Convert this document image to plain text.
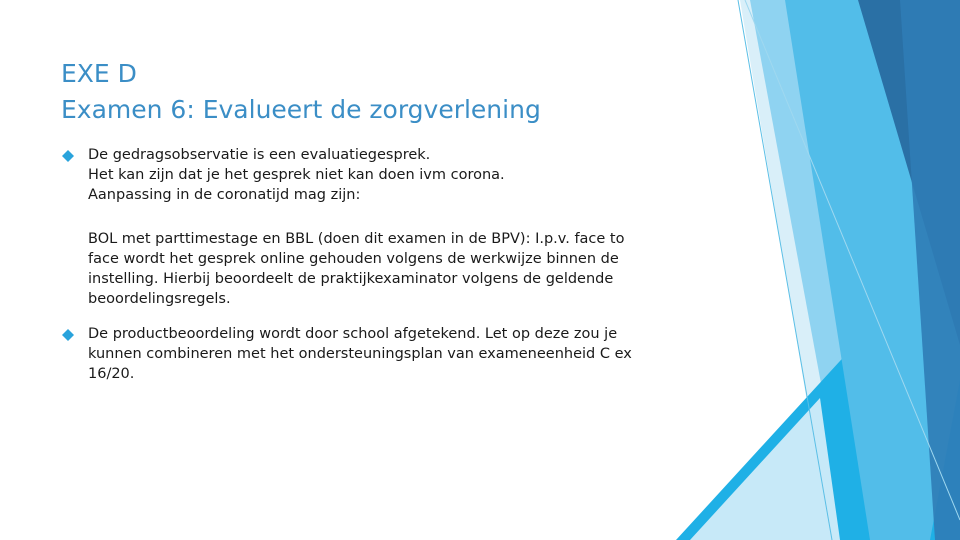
EXE D
Examen 6: Evalueert de zorgverlening
De gedragsobservatie is een evaluatiegesprek.
Het kan zijn dat je het gesprek niet kan doen ivm corona.
Aanpassing in de coronatijd mag zijn:
BOL met parttimestage en BBL (doen dit examen in de BPV): I.p.v. face to
face wordt het gesprek online gehouden volgens de werkwijze binnen de
instelling. Hierbij beoordeelt de praktijkexaminator volgens de geldende
beoordelingsregels.
De productbeoordeling wordt door school afgetekend. Let op deze zou je
kunnen combineren met het ondersteuningsplan van exameneenheid C ex
16/20.
